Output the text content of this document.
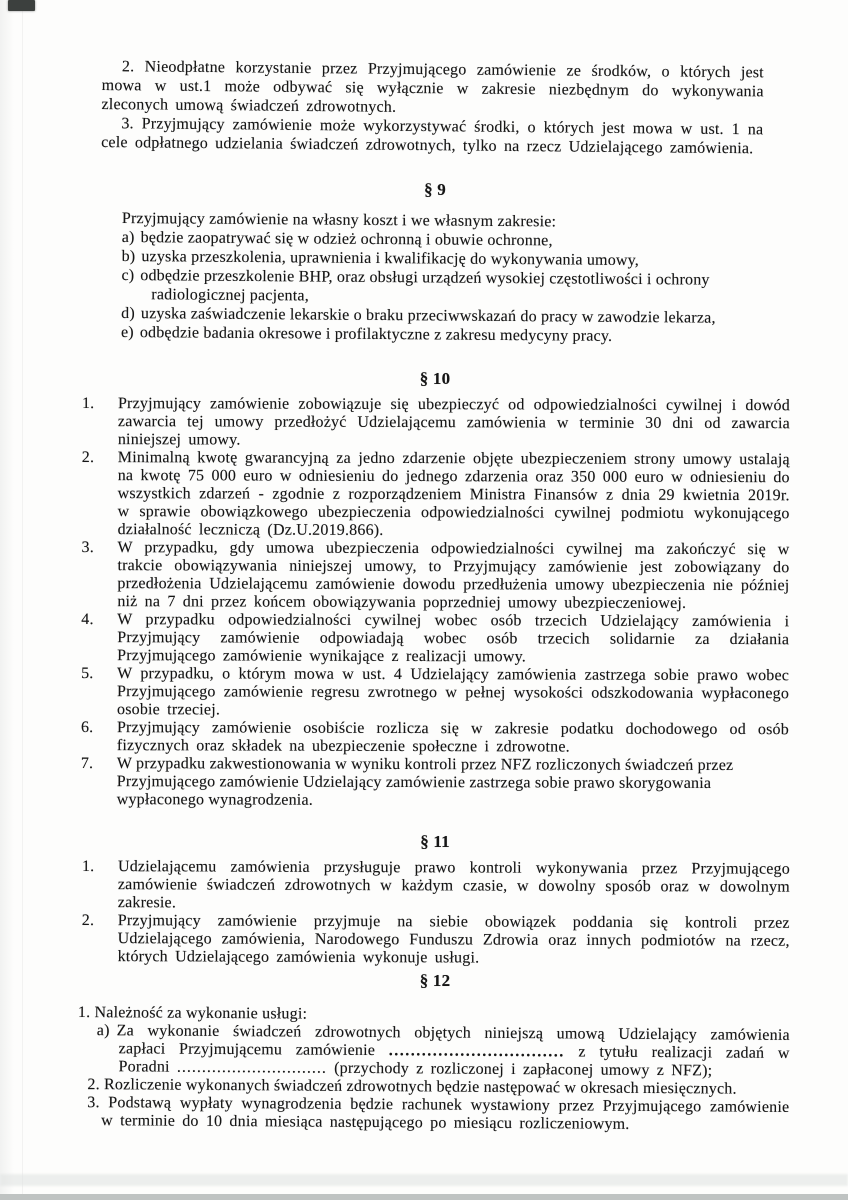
2. Nieodpłatne korzystanie przez Przyjmującego zamówienie ze środków, o których jest mowa w ust.1 może odbywać się wyłącznie w zakresie niezbędnym do wykonywania zleconych umową świadczeń zdrowotnych.
3. Przyjmujący zamówienie może wykorzystywać środki, o których jest mowa w ust. 1 na cele odpłatnego udzielania świadczeń zdrowotnych, tylko na rzecz Udzielającego zamówienia.
§ 9
Przyjmujący zamówienie na własny koszt i we własnym zakresie:
a) będzie zaopatrywać się w odzież ochronną i obuwie ochronne,
b) uzyska przeszkolenia, uprawnienia i kwalifikację do wykonywania umowy,
c) odbędzie przeszkolenie BHP, oraz obsługi urządzeń wysokiej częstotliwości i ochrony radiologicznej pacjenta,
d) uzyska zaświadczenie lekarskie o braku przeciwwskazań do pracy w zawodzie lekarza,
e) odbędzie badania okresowe i profilaktyczne z zakresu medycyny pracy.
§ 10
1.	Przyjmujący zamówienie zobowiązuje się ubezpieczyć od odpowiedzialności cywilnej i dowód zawarcia tej umowy przedłożyć Udzielającemu zamówienia w terminie 30 dni od zawarcia niniejszej umowy.
2.	Minimalną kwotę gwarancyjną za jedno zdarzenie objęte ubezpieczeniem strony umowy ustalają na kwotę 75 000 euro w odniesieniu do jednego zdarzenia oraz 350 000 euro w odniesieniu do wszystkich zdarzeń - zgodnie z rozporządzeniem Ministra Finansów z dnia 29 kwietnia 2019r. w sprawie obowiązkowego ubezpieczenia odpowiedzialności cywilnej podmiotu wykonującego działalność leczniczą (Dz.U.2019.866).
3.	W przypadku, gdy umowa ubezpieczenia odpowiedzialności cywilnej ma zakończyć się w trakcie obowiązywania niniejszej umowy, to Przyjmujący zamówienie jest zobowiązany do przedłożenia Udzielającemu zamówienie dowodu przedłużenia umowy ubezpieczenia nie później niż na 7 dni przez końcem obowiązywania poprzedniej umowy ubezpieczeniowej.
4.	W przypadku odpowiedzialności cywilnej wobec osób trzecich Udzielający zamówienia i Przyjmujący zamówienie odpowiadają wobec osób trzecich solidarnie za działania Przyjmującego zamówienie wynikające z realizacji umowy.
5.	W przypadku, o którym mowa w ust. 4 Udzielający zamówienia zastrzega sobie prawo wobec Przyjmującego zamówienie regresu zwrotnego w pełnej wysokości odszkodowania wypłaconego osobie trzeciej.
6.	Przyjmujący zamówienie osobiście rozlicza się w zakresie podatku dochodowego od osób fizycznych oraz składek na ubezpieczenie społeczne i zdrowotne.
7.	W przypadku zakwestionowania w wyniku kontroli przez NFZ rozliczonych świadczeń przez Przyjmującego zamówienie Udzielający zamówienie zastrzega sobie prawo skorygowania wypłaconego wynagrodzenia.
§ 11
1.	Udzielającemu zamówienia przysługuje prawo kontroli wykonywania przez Przyjmującego zamówienie świadczeń zdrowotnych w każdym czasie, w dowolny sposób oraz w dowolnym zakresie.
2.	Przyjmujący zamówienie przyjmuje na siebie obowiązek poddania się kontroli przez Udzielającego zamówienia, Narodowego Funduszu Zdrowia oraz innych podmiotów na rzecz, których Udzielającego zamówienia wykonuje usługi.
§ 12
1. Należność za wykonanie usługi:
a) Za wykonanie świadczeń zdrowotnych objętych niniejszą umową Udzielający zamówienia zapłaci Przyjmującemu zamówienie ................................ z tytułu realizacji zadań w Poradni .............................. (przychody z rozliczonej i zapłaconej umowy z NFZ);
2. Rozliczenie wykonanych świadczeń zdrowotnych będzie następować w okresach miesięcznych.
3. Podstawą wypłaty wynagrodzenia będzie rachunek wystawiony przez Przyjmującego zamówienie w terminie do 10 dnia miesiąca następującego po miesiącu rozliczeniowym.
